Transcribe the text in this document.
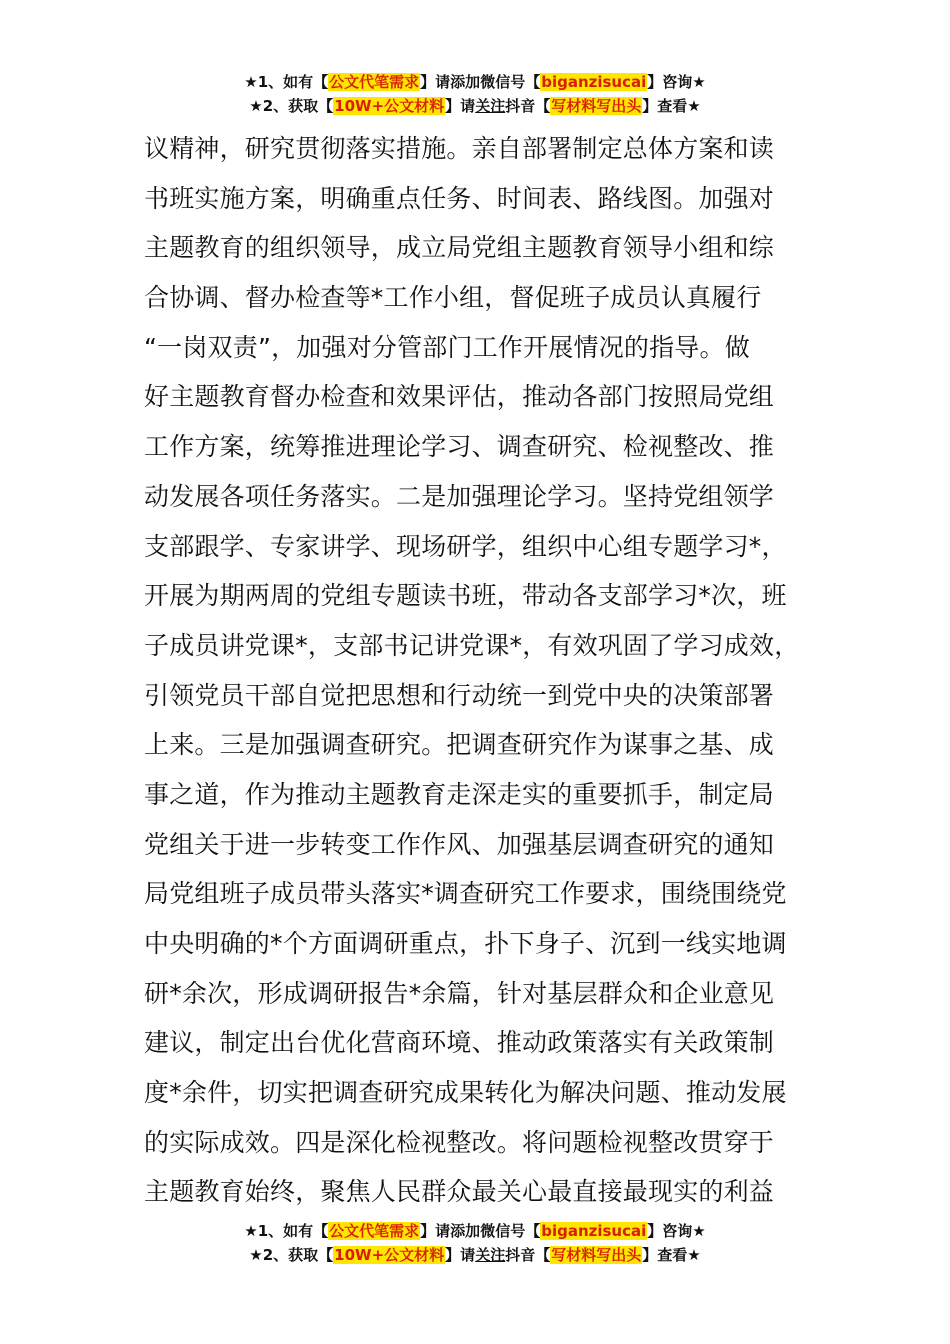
★1、如有【公文代笔需求】请添加微信号【biganzisucai】咨询★
★2、获取【10W+公文材料】请关注抖音【写材料写出头】查看★
议精神，研究贯彻落实措施。亲自部署制定总体方案和读
书班实施方案，明确重点任务、时间表、路线图。加强对
主题教育的组织领导，成立局党组主题教育领导小组和综
合协调、督办检查等*工作小组，督促班子成员认真履行
“一岗双责”，加强对分管部门工作开展情况的指导。做
好主题教育督办检查和效果评估，推动各部门按照局党组
工作方案，统筹推进理论学习、调查研究、检视整改、推
动发展各项任务落实。二是加强理论学习。坚持党组领学
支部跟学、专家讲学、现场研学，组织中心组专题学习*，
开展为期两周的党组专题读书班，带动各支部学习*次，班
子成员讲党课*，支部书记讲党课*，有效巩固了学习成效，
引领党员干部自觉把思想和行动统一到党中央的决策部署
上来。三是加强调查研究。把调查研究作为谋事之基、成
事之道，作为推动主题教育走深走实的重要抓手，制定局
党组关于进一步转变工作作风、加强基层调查研究的通知
局党组班子成员带头落实*调查研究工作要求，围绕围绕党
中央明确的*个方面调研重点，扑下身子、沉到一线实地调
研*余次，形成调研报告*余篇，针对基层群众和企业意见
建议，制定出台优化营商环境、推动政策落实有关政策制
度*余件，切实把调查研究成果转化为解决问题、推动发展
的实际成效。四是深化检视整改。将问题检视整改贯穿于
主题教育始终，聚焦人民群众最关心最直接最现实的利益
★1、如有【公文代笔需求】请添加微信号【biganzisucai】咨询★
★2、获取【10W+公文材料】请关注抖音【写材料写出头】查看★
